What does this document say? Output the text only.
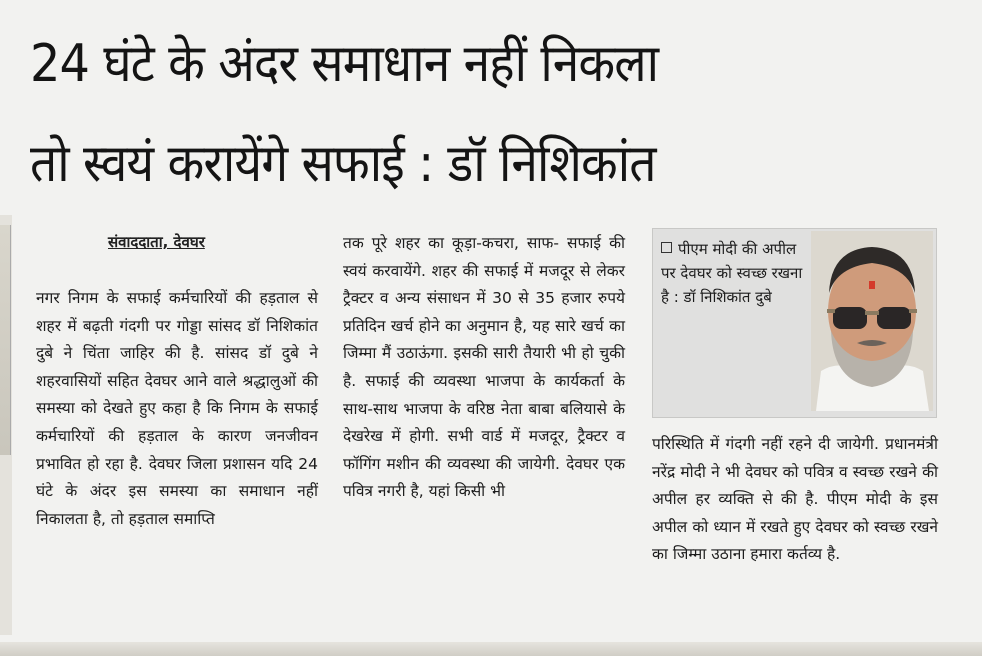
24 घंटे के अंदर समाधान नहीं निकला
तो स्वयं करायेंगे सफाई : डॉ निशिकांत
संवाददाता, देवघर
नगर निगम के सफाई कर्मचारियों की हड़ताल से शहर में बढ़ती गंदगी पर गोड्डा सांसद डॉ निशिकांत दुबे ने चिंता जाहिर की है. सांसद डॉ दुबे ने शहरवासियों सहित देवघर आने वाले श्रद्धालुओं की समस्या को देखते हुए कहा है कि निगम के सफाई कर्मचारियों की हड़ताल के कारण जनजीवन प्रभावित हो रहा है. देवघर जिला प्रशासन यदि 24 घंटे के अंदर इस समस्या का समाधान नहीं निकालता है, तो हड़ताल समाप्ति
तक पूरे शहर का कूड़ा-कचरा, साफ- सफाई की स्वयं करवायेंगे. शहर की सफाई में मजदूर से लेकर ट्रैक्टर व अन्य संसाधन में 30 से 35 हजार रुपये प्रतिदिन खर्च होने का अनुमान है, यह सारे खर्च का जिम्मा मैं उठाऊंगा. इसकी सारी तैयारी भी हो चुकी है. सफाई की व्यवस्था भाजपा के कार्यकर्ता के साथ-साथ भाजपा के वरिष्ठ नेता बाबा बलियासे के देखरेख में होगी. सभी वार्ड में मजदूर, ट्रैक्टर व फॉगिंग मशीन की व्यवस्था की जायेगी. देवघर एक पवित्र नगरी है, यहां किसी भी
पीएम मोदी की अपील पर देवघर को स्वच्छ रखना है : डॉ निशिकांत दुबे
परिस्थिति में गंदगी नहीं रहने दी जायेगी. प्रधानमंत्री नरेंद्र मोदी ने भी देवघर को पवित्र व स्वच्छ रखने की अपील हर व्यक्ति से की है. पीएम मोदी के इस अपील को ध्यान में रखते हुए देवघर को स्वच्छ रखने का जिम्मा उठाना हमारा कर्तव्य है.
